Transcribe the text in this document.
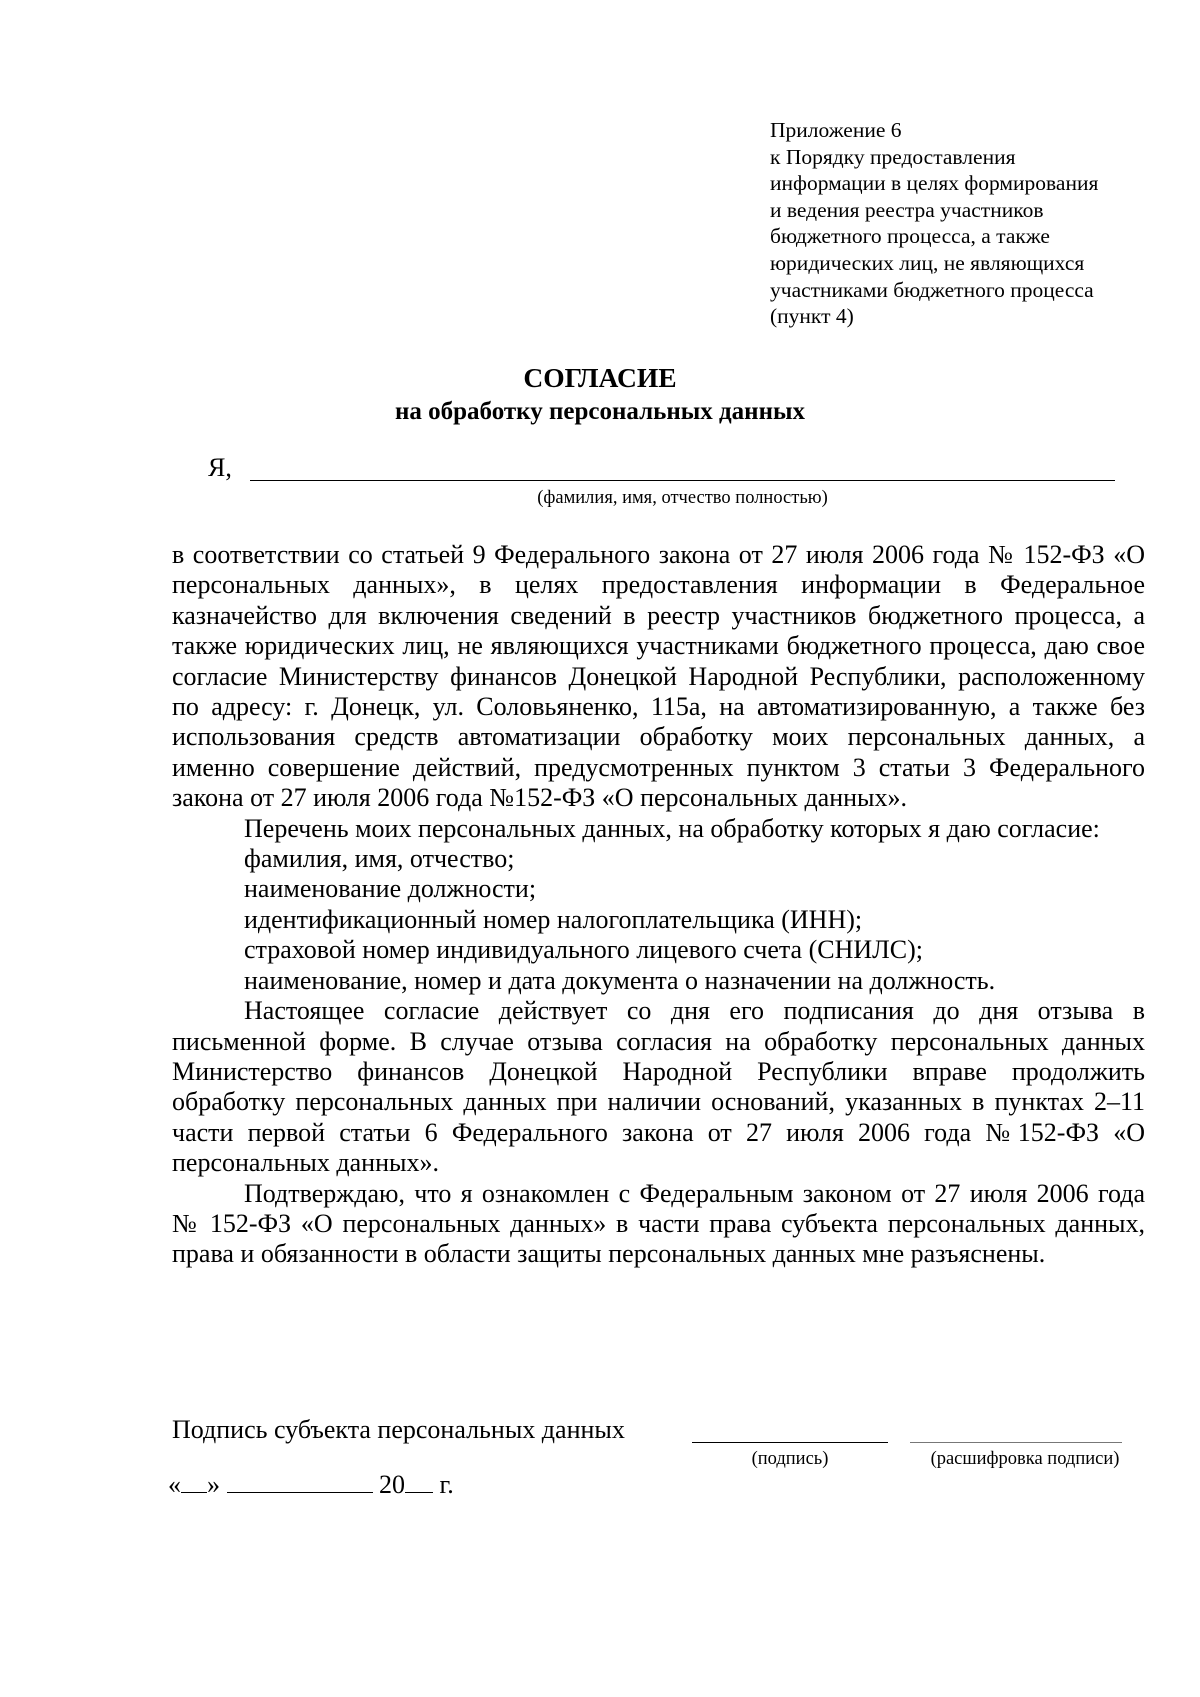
Приложение 6
к Порядку предоставления
информации в целях формирования
и ведения реестра участников
бюджетного процесса, а также
юридических лиц, не являющихся
участниками бюджетного процесса
(пункт 4)
СОГЛАСИЕ
на обработку персональных данных
Я,
(фамилия, имя, отчество полностью)

в соответствии со статьей 9 Федерального закона от 27 июля 2006 года № 152-ФЗ «О персональных данных», в целях предоставления информации в Федеральное казначейство для включения сведений в реестр участников бюджетного процесса, а также юридических лиц, не являющихся участниками бюджетного процесса, даю свое согласие Министерству финансов Донецкой Народной Республики, расположенному по адресу: г. Донецк, ул. Соловьяненко, 115а, на автоматизированную, а также без использования средств автоматизации обработку моих персональных данных, а именно совершение действий, предусмотренных пунктом 3 статьи 3 Федерального закона от 27 июля 2006 года №152-ФЗ «О персональных данных».

Перечень моих персональных данных, на обработку которых я даю согласие:

фамилия, имя, отчество;
наименование должности;
идентификационный номер налогоплательщика (ИНН);
страховой номер индивидуального лицевого счета (СНИЛС);
наименование, номер и дата документа о назначении на должность.

Настоящее согласие действует со дня его подписания до дня отзыва в письменной форме. В случае отзыва согласия на обработку персональных данных Министерство финансов Донецкой Народной Республики вправе продолжить обработку персональных данных при наличии оснований, указанных в пунктах 2–11 части первой статьи 6 Федерального закона от 27 июля 2006 года №152-ФЗ «О персональных данных».

Подтверждаю, что я ознакомлен с Федеральным законом от 27 июля 2006 года № 152-ФЗ «О персональных данных» в части права субъекта персональных данных, права и обязанности в области защиты персональных данных мне разъяснены.

Подпись субъекта персональных данных
(подпись)	(расшифровка подписи)
« »	20 г.
